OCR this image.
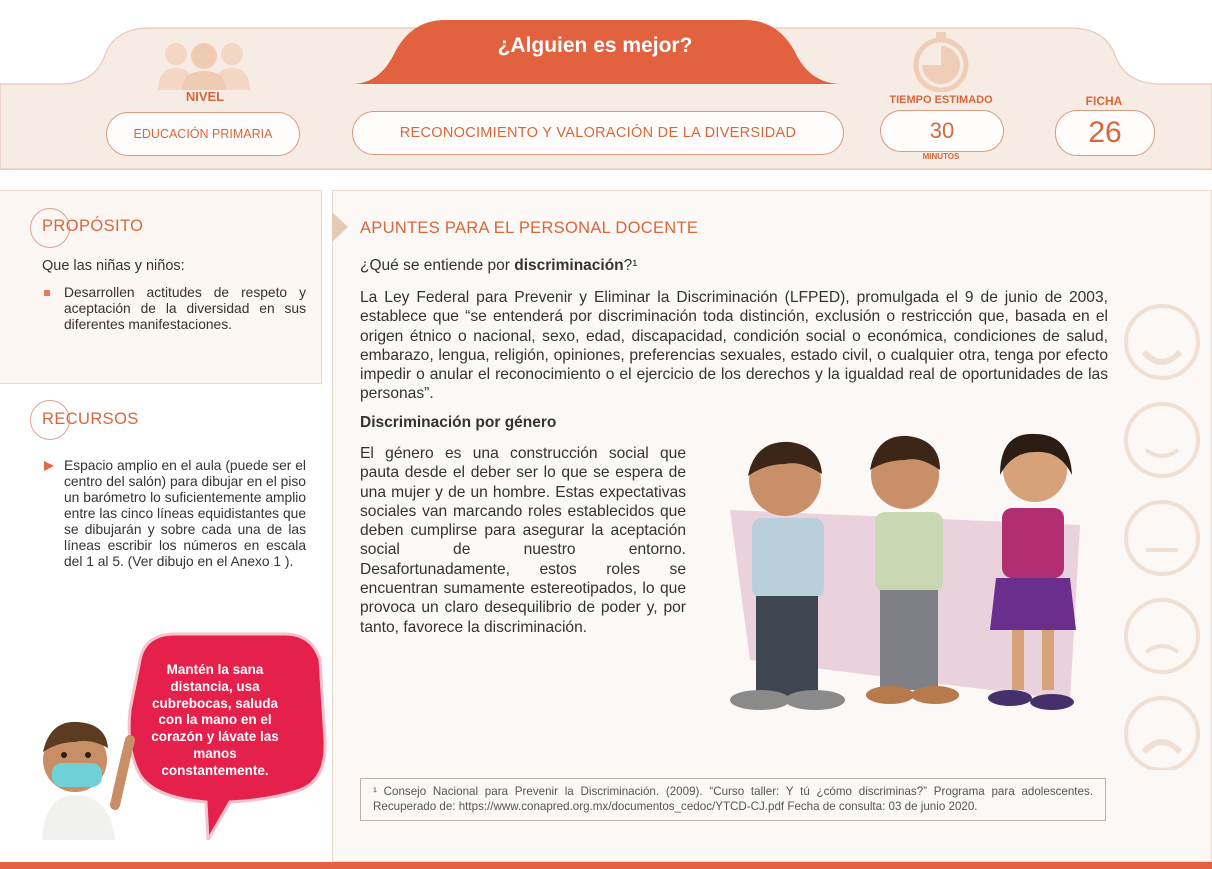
¿Alguien es mejor?
NIVEL
EDUCACIÓN PRIMARIA	RECONOCIMIENTO Y VALORACIÓN DE LA DIVERSIDAD
TIEMPO ESTIMADO
30
MINUTOS
FICHA
26
PROPÓSITO
Que las niñas y niños:
Desarrollen actitudes de respeto y aceptación de la diversidad en sus diferentes manifestaciones.
RECURSOS
Espacio amplio en el aula (puede ser el centro del salón) para dibujar en el piso un barómetro lo suficientemente amplio entre las cinco líneas equidistantes que se dibujarán y sobre cada una de las líneas escribir los números en escala del 1 al 5. (Ver dibujo en el Anexo 1 ).
Mantén la sana distancia, usa cubrebocas, saluda con la mano en el corazón y lávate las manos constantemente.
APUNTES PARA EL PERSONAL DOCENTE
¿Qué se entiende por discriminación?¹
La Ley Federal para Prevenir y Eliminar la Discriminación (LFPED), promulgada el 9 de junio de 2003, establece que “se entenderá por discriminación toda distinción, exclusión o restricción que, basada en el origen étnico o nacional, sexo, edad, discapacidad, condición social o económica, condiciones de salud, embarazo, lengua, religión, opiniones, preferencias sexuales, estado civil, o cualquier otra, tenga por efecto impedir o anular el reconocimiento o el ejercicio de los derechos y la igualdad real de oportunidades de las personas”.
Discriminación por género
El género es una construcción social que pauta desde el deber ser lo que se espera de una mujer y de un hombre. Estas expectativas sociales van marcando roles establecidos que deben cumplirse para asegurar la aceptación social de nuestro entorno. Desafortunadamente, estos roles se encuentran sumamente estereotipados, lo que provoca un claro desequilibrio de poder y, por tanto, favorece la discriminación.
¹ Consejo Nacional para Prevenir la Discriminación. (2009). “Curso taller: Y tú ¿cómo discriminas?” Programa para adolescentes. Recuperado de: https://www.conapred.org.mx/documentos_cedoc/YTCD-CJ.pdf Fecha de consulta: 03 de junio 2020.
